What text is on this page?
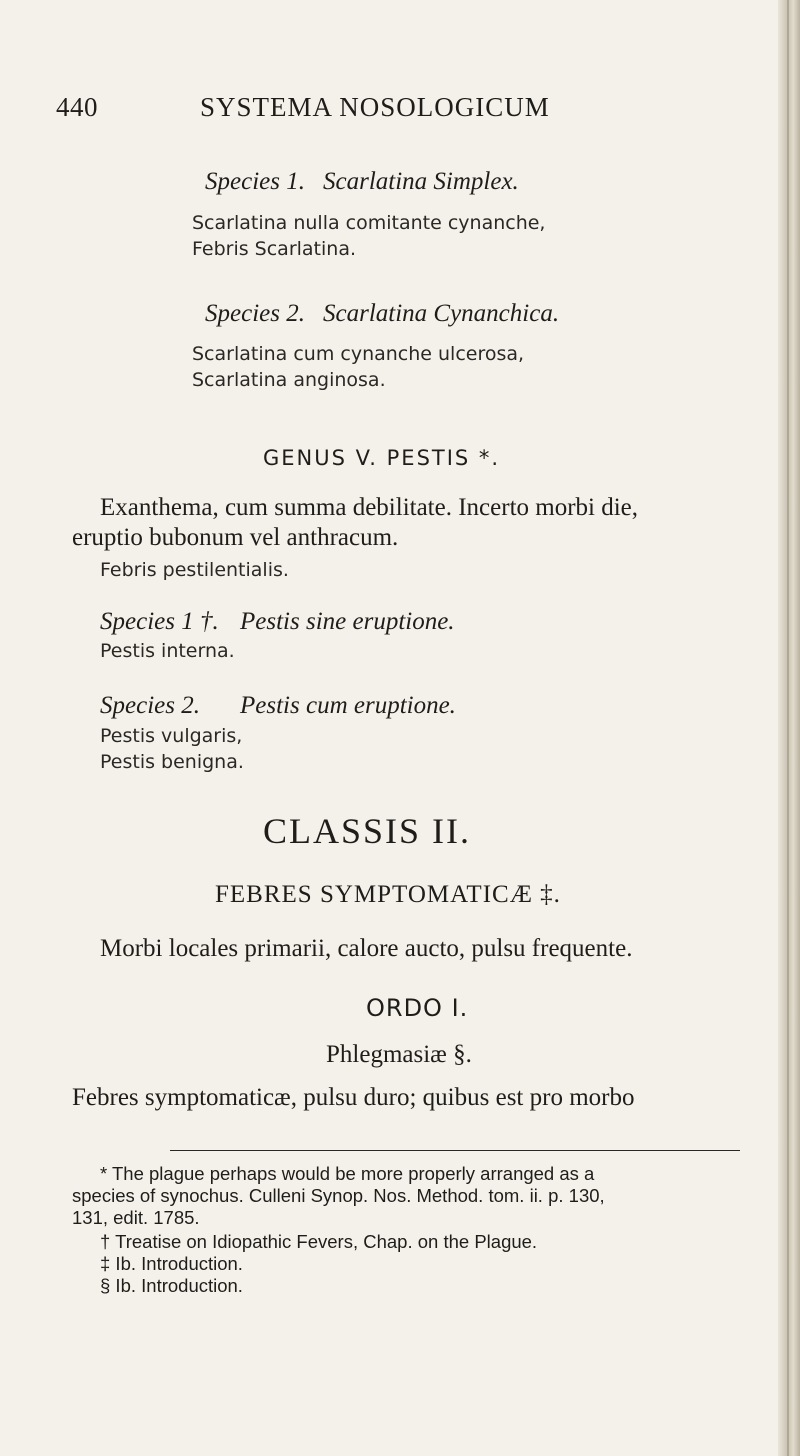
440	SYSTEMA NOSOLOGICUM
Species 1. Scarlatina Simplex.
Scarlatina nulla comitante cynanche,
Febris Scarlatina.
Species 2. Scarlatina Cynanchica.
Scarlatina cum cynanche ulcerosa,
Scarlatina anginosa.
GENUS V. PESTIS *.
Exanthema, cum summa debilitate. Incerto morbi die,
eruptio bubonum vel anthracum.
Febris pestilentialis.
Species 1 †. Pestis sine eruptione.
Pestis interna.
Species 2. Pestis cum eruptione.
Pestis vulgaris,
Pestis benigna.
CLASSIS II.
FEBRES SYMPTOMATICÆ ‡.
Morbi locales primarii, calore aucto, pulsu frequente.
ORDO I.
Phlegmasiæ §.
Febres symptomaticæ, pulsu duro; quibus est pro morbo
* The plague perhaps would be more properly arranged as a
species of synochus. Culleni Synop. Nos. Method. tom. ii. p. 130,
131, edit. 1785.
† Treatise on Idiopathic Fevers, Chap. on the Plague.
‡ Ib. Introduction.
§ Ib. Introduction.
